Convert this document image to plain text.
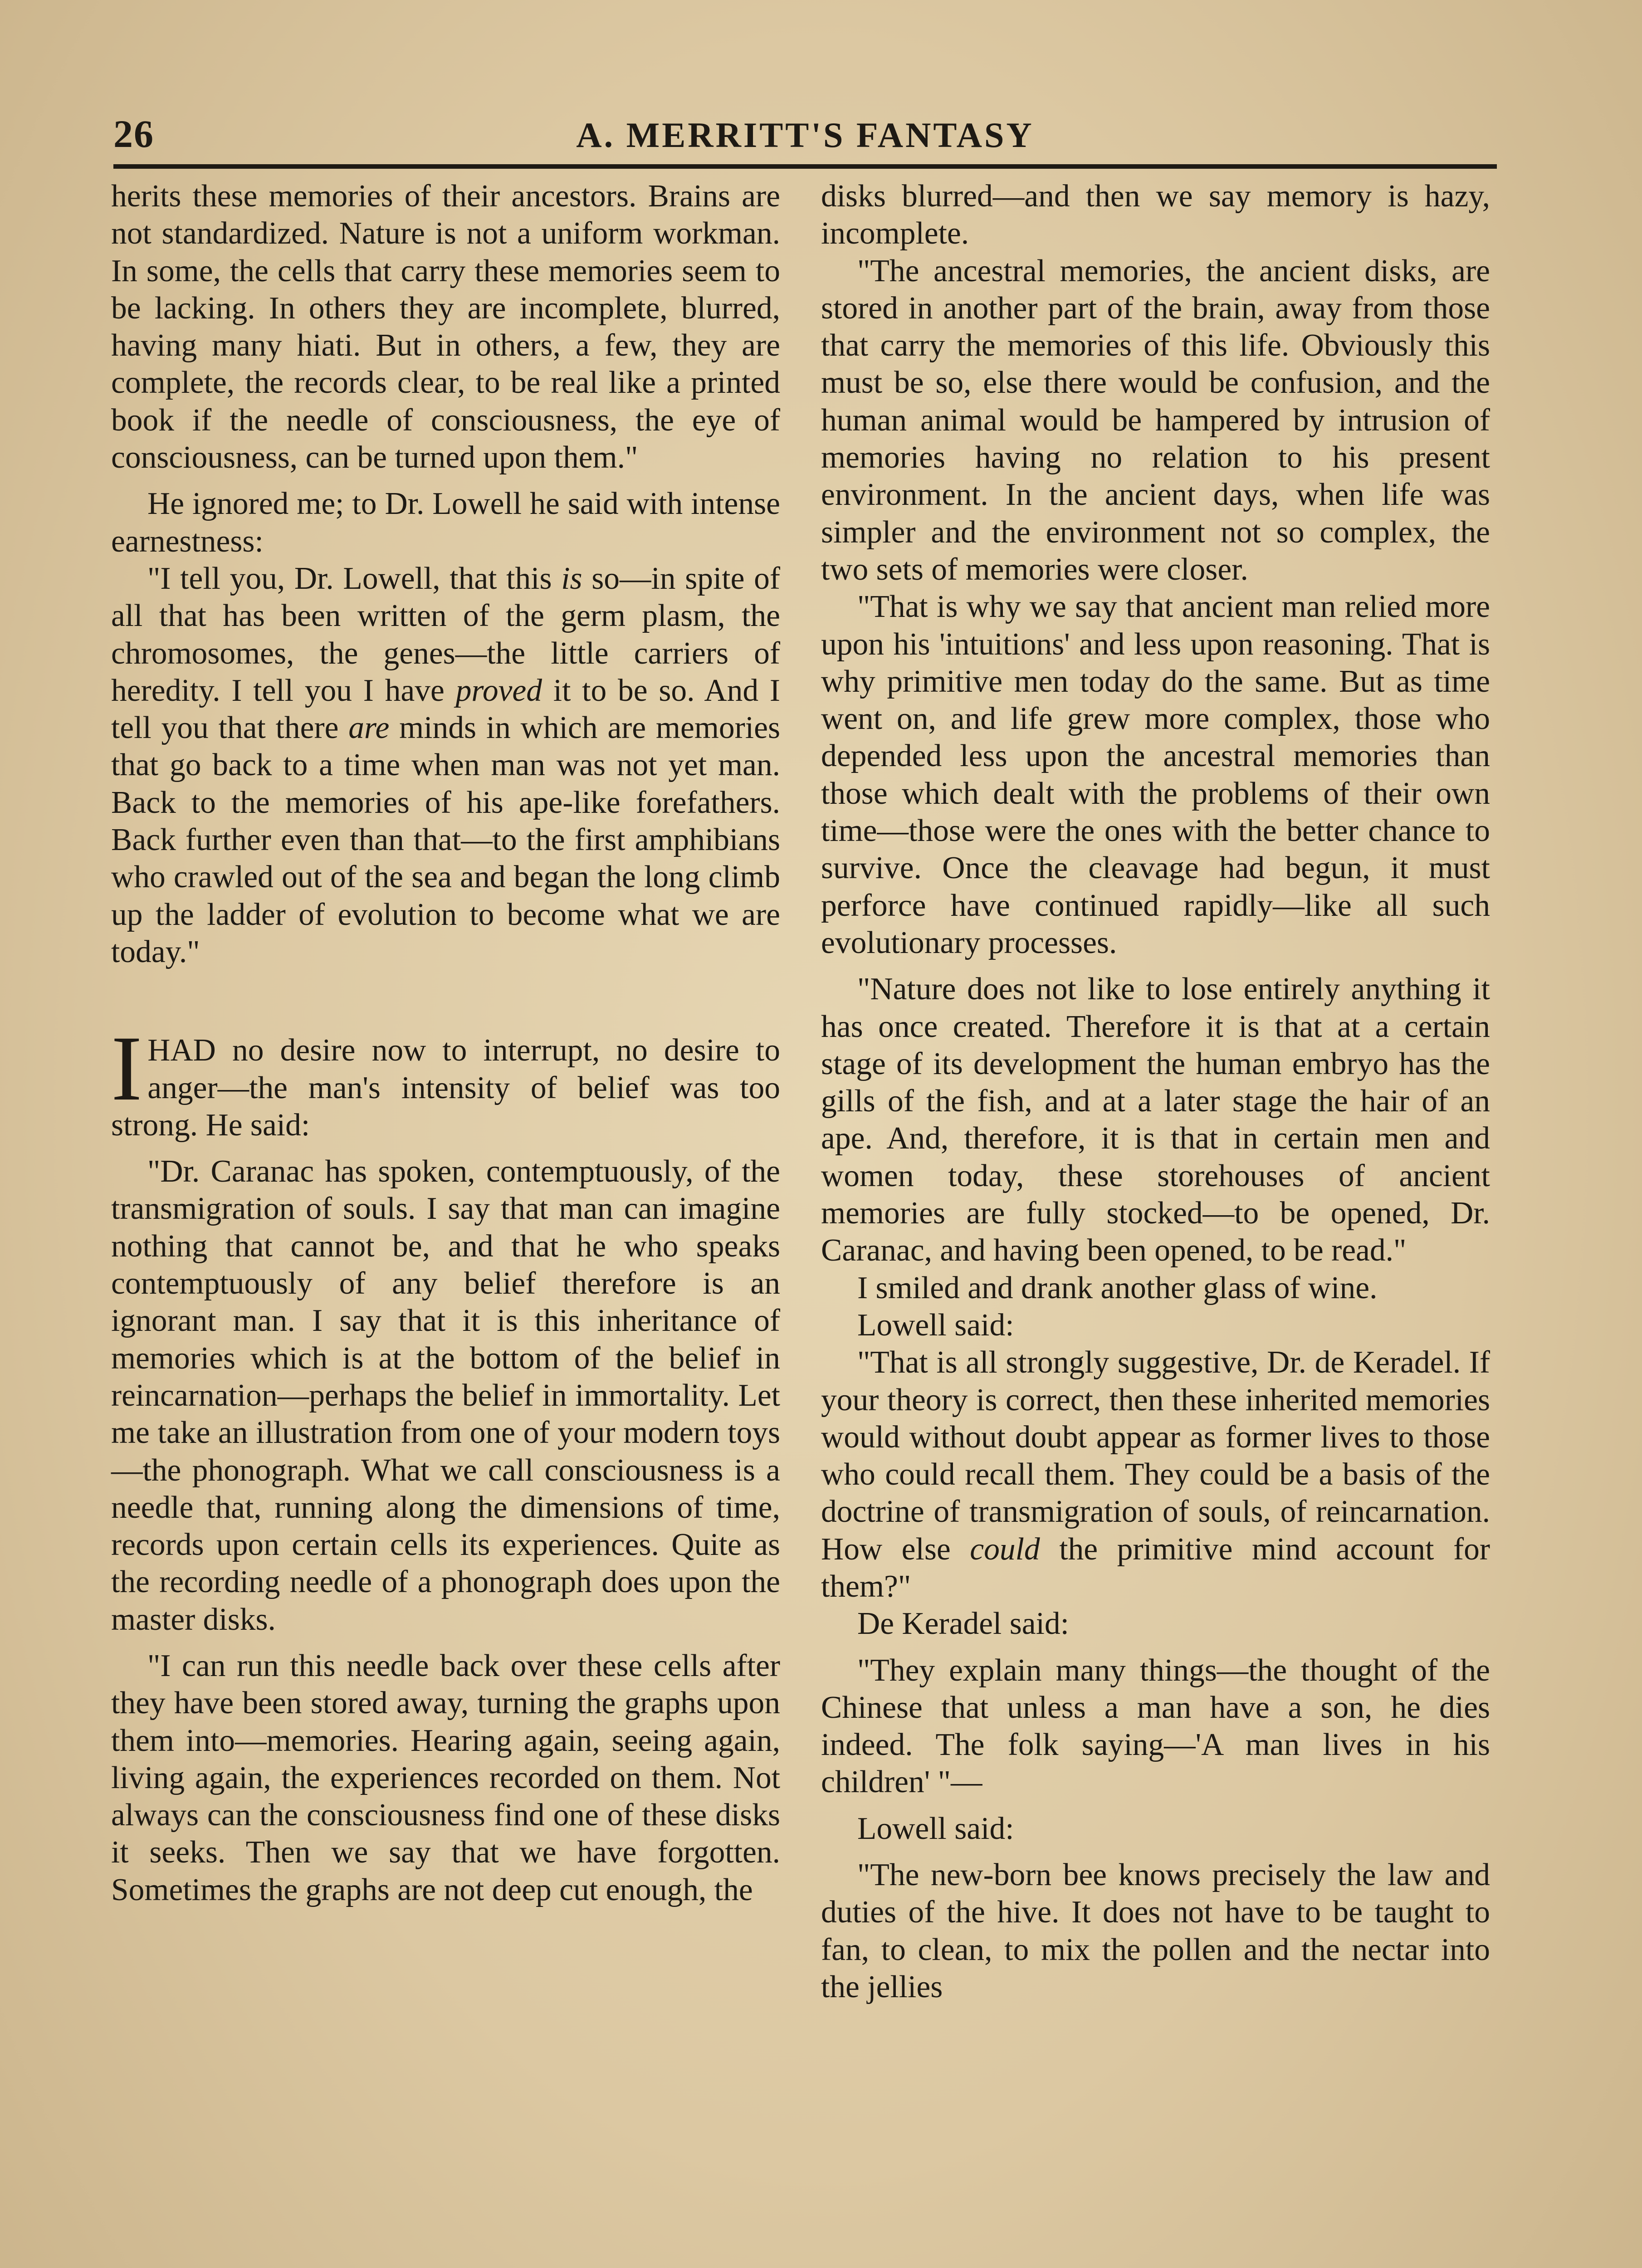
26	A. MERRITT'S FANTASY

herits these memories of their ancestors. Brains are not standardized. Nature is not a uniform workman. In some, the cells that carry these memories seem to be lacking. In others they are incomplete, blurred, having many hiati. But in others, a few, they are complete, the records clear, to be real like a printed book if the needle of consciousness, the eye of consciousness, can be turned upon them."

He ignored me; to Dr. Lowell he said with intense earnestness:

"I tell you, Dr. Lowell, that this is so—in spite of all that has been written of the germ plasm, the chromosomes, the genes—the little carriers of heredity. I tell you I have proved it to be so. And I tell you that there are minds in which are memories that go back to a time when man was not yet man. Back to the memories of his ape-like forefathers. Back further even than that—to the first amphibians who crawled out of the sea and began the long climb up the ladder of evolution to become what we are today."

I HAD no desire now to interrupt, no desire to anger—the man's intensity of belief was too strong. He said:

"Dr. Caranac has spoken, contemptuously, of the transmigration of souls. I say that man can imagine nothing that cannot be, and that he who speaks contemptuously of any belief therefore is an ignorant man. I say that it is this inheritance of memories which is at the bottom of the belief in reincarnation—perhaps the belief in immortality. Let me take an illustration from one of your modern toys—the phonograph. What we call consciousness is a needle that, running along the dimensions of time, records upon certain cells its experiences. Quite as the recording needle of a phonograph does upon the master disks.

"I can run this needle back over these cells after they have been stored away, turning the graphs upon them into—memories. Hearing again, seeing again, living again, the experiences recorded on them. Not always can the consciousness find one of these disks it seeks. Then we say that we have forgotten. Sometimes the graphs are not deep cut enough, the

disks blurred—and then we say memory is hazy, incomplete.

"The ancestral memories, the ancient disks, are stored in another part of the brain, away from those that carry the memories of this life. Obviously this must be so, else there would be confusion, and the human animal would be hampered by intrusion of memories having no relation to his present environment. In the ancient days, when life was simpler and the environment not so complex, the two sets of memories were closer.

"That is why we say that ancient man relied more upon his 'intuitions' and less upon reasoning. That is why primitive men today do the same. But as time went on, and life grew more complex, those who depended less upon the ancestral memories than those which dealt with the problems of their own time—those were the ones with the better chance to survive. Once the cleavage had begun, it must perforce have continued rapidly—like all such evolutionary processes.

"Nature does not like to lose entirely anything it has once created. Therefore it is that at a certain stage of its development the human embryo has the gills of the fish, and at a later stage the hair of an ape. And, therefore, it is that in certain men and women today, these storehouses of ancient memories are fully stocked—to be opened, Dr. Caranac, and having been opened, to be read."

I smiled and drank another glass of wine.

Lowell said:

"That is all strongly suggestive, Dr. de Keradel. If your theory is correct, then these inherited memories would without doubt appear as former lives to those who could recall them. They could be a basis of the doctrine of transmigration of souls, of reincarnation. How else could the primitive mind account for them?"

De Keradel said:

"They explain many things—the thought of the Chinese that unless a man have a son, he dies indeed. The folk saying—'A man lives in his children' "—

Lowell said:

"The new-born bee knows precisely the law and duties of the hive. It does not have to be taught to fan, to clean, to mix the pollen and the nectar into the jellies
